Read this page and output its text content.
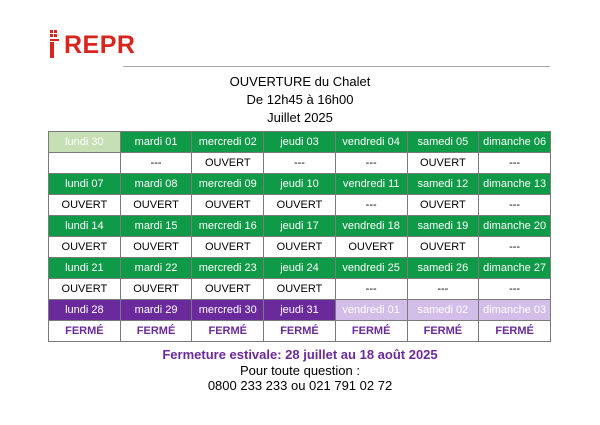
REPR
OUVERTURE du Chalet
De 12h45 à 16h00
Juillet 2025
lundi 30	mardi 01	mercredi 02	jeudi 03	vendredi 04	samedi 05	dimanche 06
	---	OUVERT	---	---	OUVERT	---
lundi 07	mardi 08	mercredi 09	jeudi 10	vendredi 11	samedi 12	dimanche 13
OUVERT	OUVERT	OUVERT	OUVERT	---	OUVERT	---
lundi 14	mardi 15	mercredi 16	jeudi 17	vendredi 18	samedi 19	dimanche 20
OUVERT	OUVERT	OUVERT	OUVERT	OUVERT	OUVERT	---
lundi 21	mardi 22	mercredi 23	jeudi 24	vendredi 25	samedi 26	dimanche 27
OUVERT	OUVERT	OUVERT	OUVERT	---	---	---
lundi 28	mardi 29	mercredi 30	jeudi 31	vendredi 01	samedi 02	dimanche 03
FERMÉ	FERMÉ	FERMÉ	FERMÉ	FERMÉ	FERMÉ	FERMÉ
Fermeture estivale: 28 juillet au 18 août 2025
Pour toute question :
0800 233 233 ou 021 791 02 72
